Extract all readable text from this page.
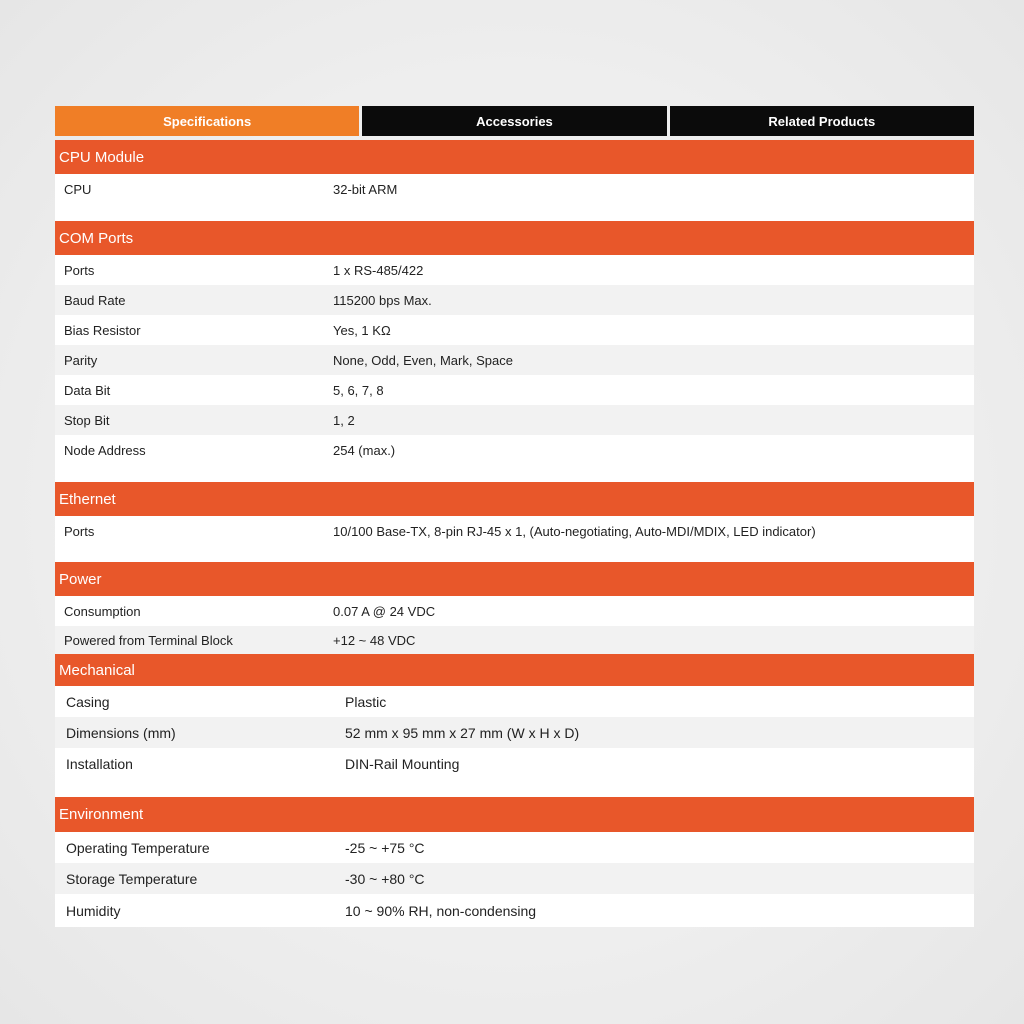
Specifications	Accessories	Related Products
CPU Module
CPU	32-bit ARM
COM Ports
Ports	1 x RS-485/422
Baud Rate	115200 bps Max.
Bias Resistor	Yes, 1 KΩ
Parity	None, Odd, Even, Mark, Space
Data Bit	5, 6, 7, 8
Stop Bit	1, 2
Node Address	254 (max.)
Ethernet
Ports	10/100 Base-TX, 8-pin RJ-45 x 1, (Auto-negotiating, Auto-MDI/MDIX, LED indicator)
Power
Consumption	0.07 A @ 24 VDC
Powered from Terminal Block	+12 ~ 48 VDC
Mechanical
Casing	Plastic
Dimensions (mm)	52 mm x 95 mm x 27 mm (W x H x D)
Installation	DIN-Rail Mounting
Environment
Operating Temperature	-25 ~ +75 °C
Storage Temperature	-30 ~ +80 °C
Humidity	10 ~ 90% RH, non-condensing
